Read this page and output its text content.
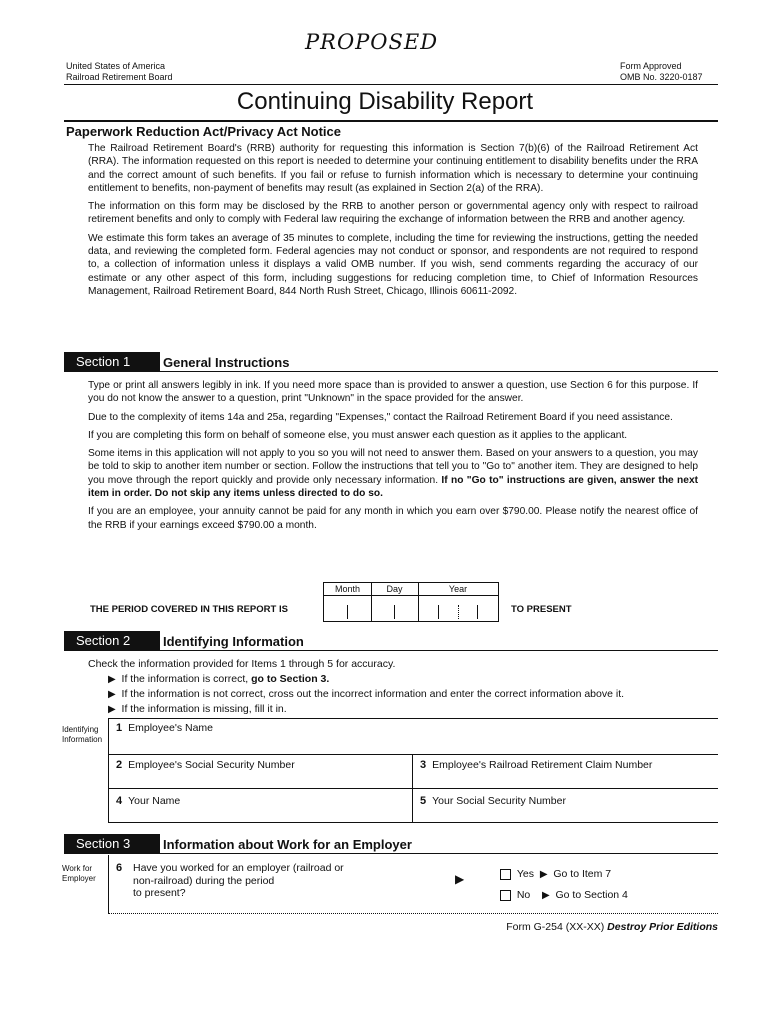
PROPOSED
United States of America
Railroad Retirement Board
Form Approved
OMB No. 3220-0187
Continuing Disability Report
Paperwork Reduction Act/Privacy Act Notice
The Railroad Retirement Board's (RRB) authority for requesting this information is Section 7(b)(6) of the Railroad Retirement Act (RRA). The information requested on this report is needed to determine your continuing entitlement to disability benefits under the RRA and the correct amount of such benefits. If you fail or refuse to furnish information which is necessary to determine your continuing entitlement to benefits, non-payment of benefits may result (as explained in Section 2(a) of the RRA).
The information on this form may be disclosed by the RRB to another person or governmental agency only with respect to railroad retirement benefits and only to comply with Federal law requiring the exchange of information between the RRB and another agency.
We estimate this form takes an average of 35 minutes to complete, including the time for reviewing the instructions, getting the needed data, and reviewing the completed form. Federal agencies may not conduct or sponsor, and respondents are not required to respond to, a collection of information unless it displays a valid OMB number. If you wish, send comments regarding the accuracy of our estimate or any other aspect of this form, including suggestions for reducing completion time, to Chief of Information Resources Management, Railroad Retirement Board, 844 North Rush Street, Chicago, Illinois 60611-2092.
Section 1	General Instructions
Type or print all answers legibly in ink. If you need more space than is provided to answer a question, use Section 6 for this purpose. If you do not know the answer to a question, print "Unknown" in the space provided for the answer.
Due to the complexity of items 14a and 25a, regarding "Expenses," contact the Railroad Retirement Board if you need assistance.
If you are completing this form on behalf of someone else, you must answer each question as it applies to the applicant.
Some items in this application will not apply to you so you will not need to answer them. Based on your answers to a question, you may be told to skip to another item number or section. Follow the instructions that tell you to "Go to" another item. They are designed to help you move through the report quickly and provide only necessary information. If no "Go to" instructions are given, answer the next item in order. Do not skip any items unless directed to do so.
If you are an employee, your annuity cannot be paid for any month in which you earn over $790.00. Please notify the nearest office of the RRB if your earnings exceed $790.00 a month.
Month	Day	Year
THE PERIOD COVERED IN THIS REPORT IS	TO PRESENT
Section 2	Identifying Information
Check the information provided for Items 1 through 5 for accuracy.
▶ If the information is correct, go to Section 3.
▶ If the information is not correct, cross out the incorrect information and enter the correct information above it.
▶ If the information is missing, fill it in.
Identifying
Information
1 Employee's Name
2 Employee's Social Security Number	3 Employee's Railroad Retirement Claim Number
4 Your Name	5 Your Social Security Number
Section 3	Information about Work for an Employer
Work for
Employer
6 Have you worked for an employer (railroad or
non-railroad) during the period
to present?
▶	Yes ▶ Go to Item 7
No ▶ Go to Section 4
Form G-254 (XX-XX) Destroy Prior Editions
